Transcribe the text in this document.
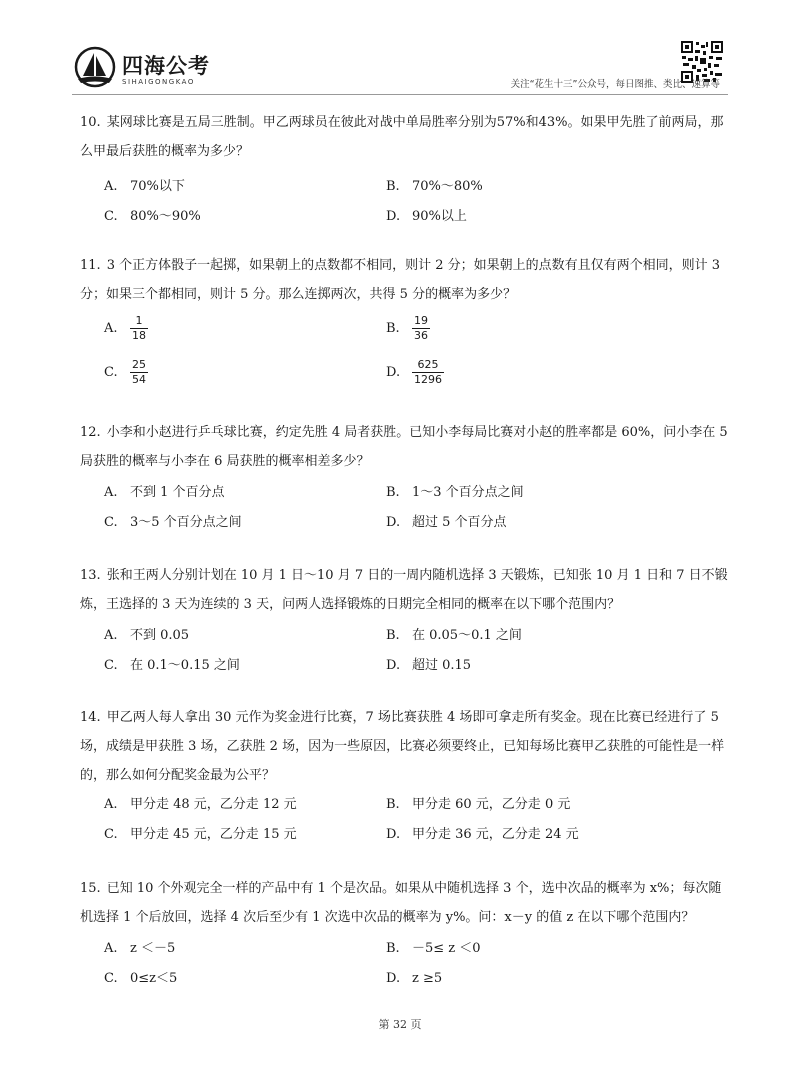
四海公考
SIHAIGONGKAO	关注“花生十三”公众号，每日图推、类比、速算等
10. 某网球比赛是五局三胜制。甲乙两球员在彼此对战中单局胜率分别为57%和43%。如果甲先胜了前两局，那么甲最后获胜的概率为多少？
A. 70%以下	B. 70%～80%
C. 80%～90%	D. 90%以上
11. 3 个正方体骰子一起掷，如果朝上的点数都不相同，则计 2 分；如果朝上的点数有且仅有两个相同，则计 3 分；如果三个都相同，则计 5 分。那么连掷两次，共得 5 分的概率为多少？
A.	$\frac{1}{18}$	B.	$\frac{19}{36}$
C.	$\frac{25}{54}$	D.	$\frac{625}{1296}$
12. 小李和小赵进行乒乓球比赛，约定先胜 4 局者获胜。已知小李每局比赛对小赵的胜率都是 60%，问小李在 5 局获胜的概率与小李在 6 局获胜的概率相差多少？
A. 不到 1 个百分点	B. 1～3 个百分点之间
C. 3～5 个百分点之间	D. 超过 5 个百分点
13. 张和王两人分别计划在 10 月 1 日～10 月 7 日的一周内随机选择 3 天锻炼，已知张 10 月 1 日和 7 日不锻炼，王选择的 3 天为连续的 3 天，问两人选择锻炼的日期完全相同的概率在以下哪个范围内？
A. 不到 0.05	B. 在 0.05～0.1 之间
C. 在 0.1～0.15 之间	D. 超过 0.15
14. 甲乙两人每人拿出 30 元作为奖金进行比赛，7 场比赛获胜 4 场即可拿走所有奖金。现在比赛已经进行了 5 场，成绩是甲获胜 3 场，乙获胜 2 场，因为一些原因，比赛必须要终止，已知每场比赛甲乙获胜的可能性是一样的，那么如何分配奖金最为公平？
A. 甲分走 48 元，乙分走 12 元	B. 甲分走 60 元，乙分走 0 元
C. 甲分走 45 元，乙分走 15 元	D. 甲分走 36 元，乙分走 24 元
15. 已知 10 个外观完全一样的产品中有 1 个是次品。如果从中随机选择 3 个，选中次品的概率为 x%；每次随机选择 1 个后放回，选择 4 次后至少有 1 次选中次品的概率为 y%。问：x－y 的值 z 在以下哪个范围内？
A. z ＜－5	B. －5≤ z ＜0
C. 0≤z＜5	D. z ≥5
第 32 页
